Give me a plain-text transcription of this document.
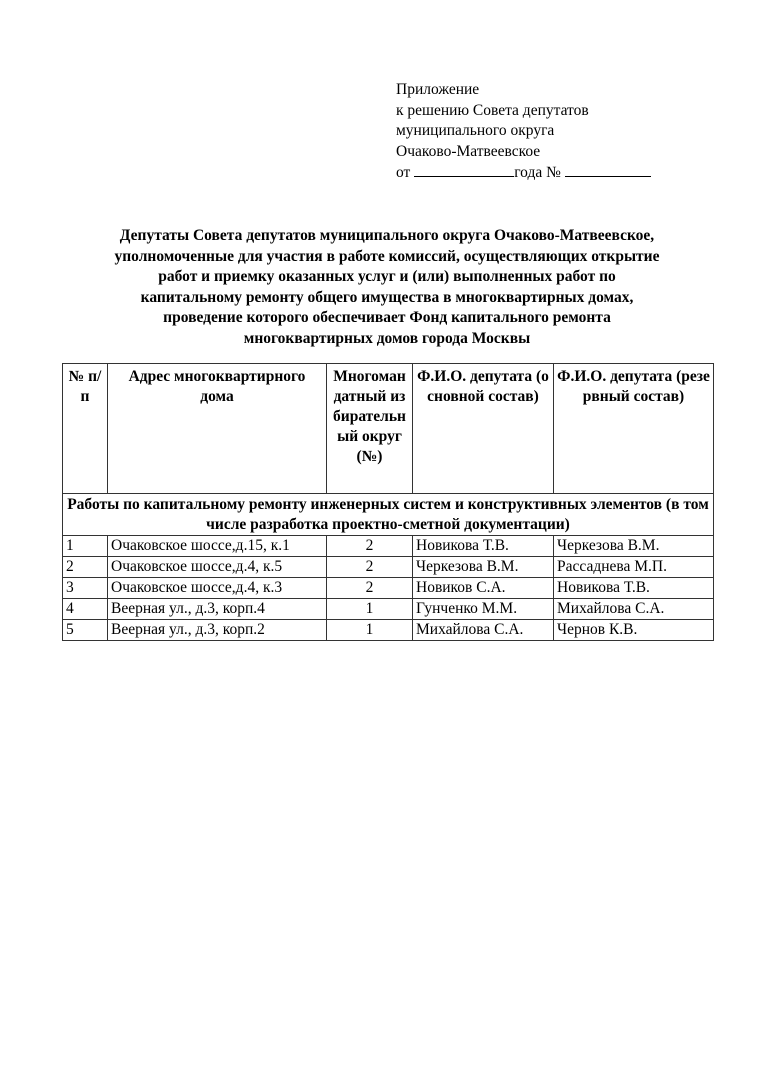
Приложение
к решению Совета депутатов
муниципального округа
Очаково-Матвеевское
от	года №
Депутаты Совета депутатов муниципального округа Очаково-Матвеевское,
уполномоченные для участия в работе комиссий, осуществляющих открытие
работ и приемку оказанных услуг и (или) выполненных работ по
капитальному ремонту общего имущества в многоквартирных домах,
проведение которого обеспечивает Фонд капитального ремонта
многоквартирных домов города Москвы
№ п/п	Адрес многоквартирного дома	Многомандатный избирательный округ (№)	Ф.И.О. депутата (основной состав)	Ф.И.О. депутата (резервный состав)
Работы по капитальному ремонту инженерных систем и конструктивных элементов (в том числе разработка проектно-сметной документации)				
1	Очаковское шоссе,д.15, к.1	2	Новикова Т.В.	Черкезова В.М.
2	Очаковское шоссе,д.4, к.5	2	Черкезова В.М.	Рассаднева М.П.
3	Очаковское шоссе,д.4, к.3	2	Новиков С.А.	Новикова Т.В.
4	Веерная ул., д.3, корп.4	1	Гунченко М.М.	Михайлова С.А.
5	Веерная ул., д.3, корп.2	1	Михайлова С.А.	Чернов К.В.
